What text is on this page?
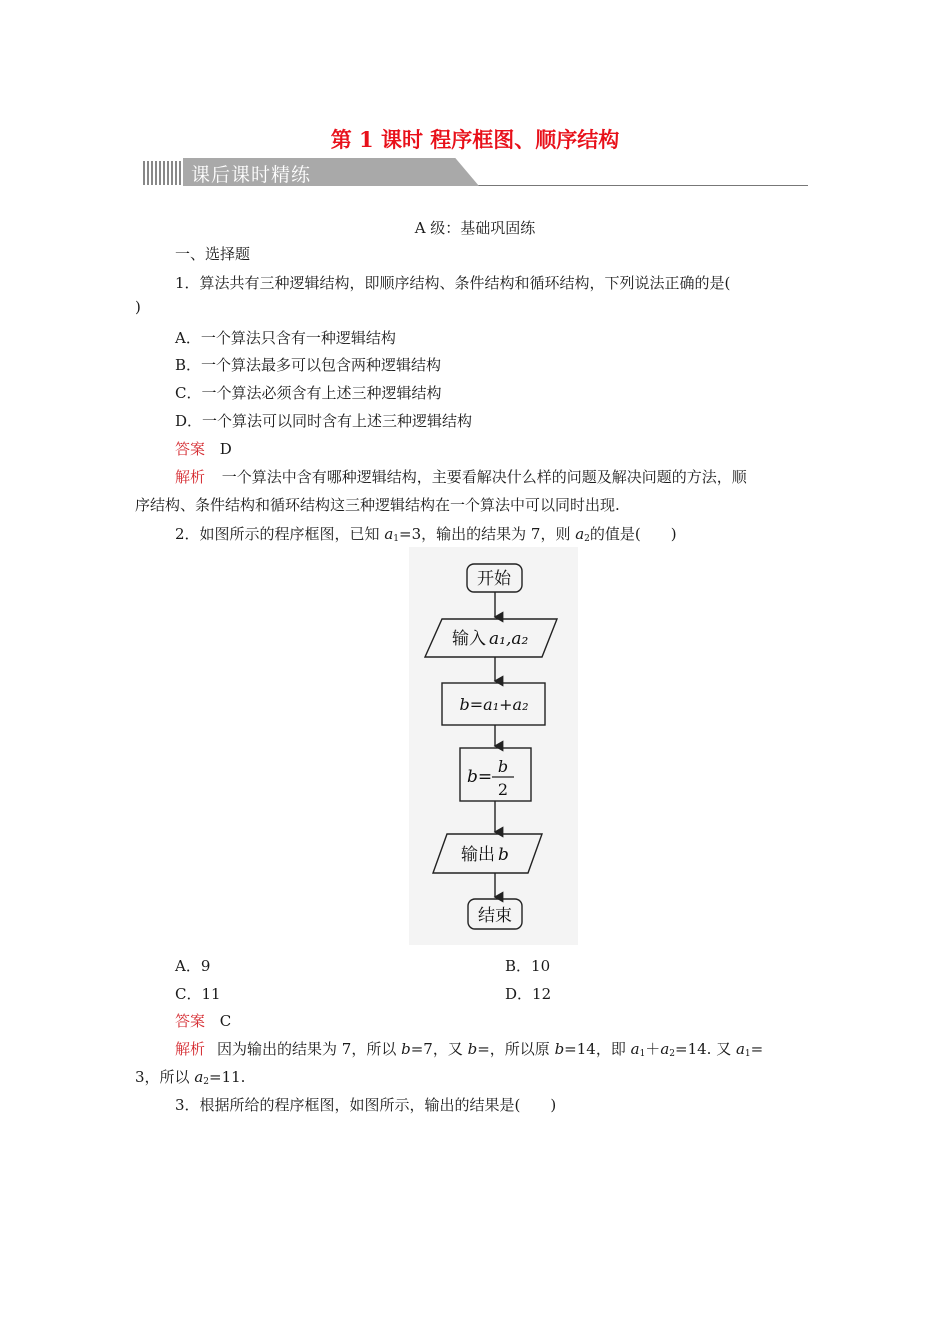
第 1 课时 程序框图、顺序结构
课后课时精练
A 级：基础巩固练
一、选择题
1．算法共有三种逻辑结构，即顺序结构、条件结构和循环结构，下列说法正确的是(
)
A．一个算法只含有一种逻辑结构
B．一个算法最多可以包含两种逻辑结构
C．一个算法必须含有上述三种逻辑结构
D．一个算法可以同时含有上述三种逻辑结构
答案 D
解析 一个算法中含有哪种逻辑结构，主要看解决什么样的问题及解决问题的方法，顺
序结构、条件结构和循环结构这三种逻辑结构在一个算法中可以同时出现.
2．如图所示的程序框图，已知 $a_1=3$，输出的结果为 7，则 $a_2$的值是(　　)
开始
输入 a₁,a₂
b=a₁+a₂
b=
b
2
输出 b
结束
A．9	B．10
C．11	D．12
答案 C
解析 因为输出的结果为 7，所以 b=7，又 b=，所以原 b=14，即 $a_1+a_2=14$. 又 $a_1=$
3，所以 $a_2=11$.
3．根据所给的程序框图，如图所示，输出的结果是(　　)
